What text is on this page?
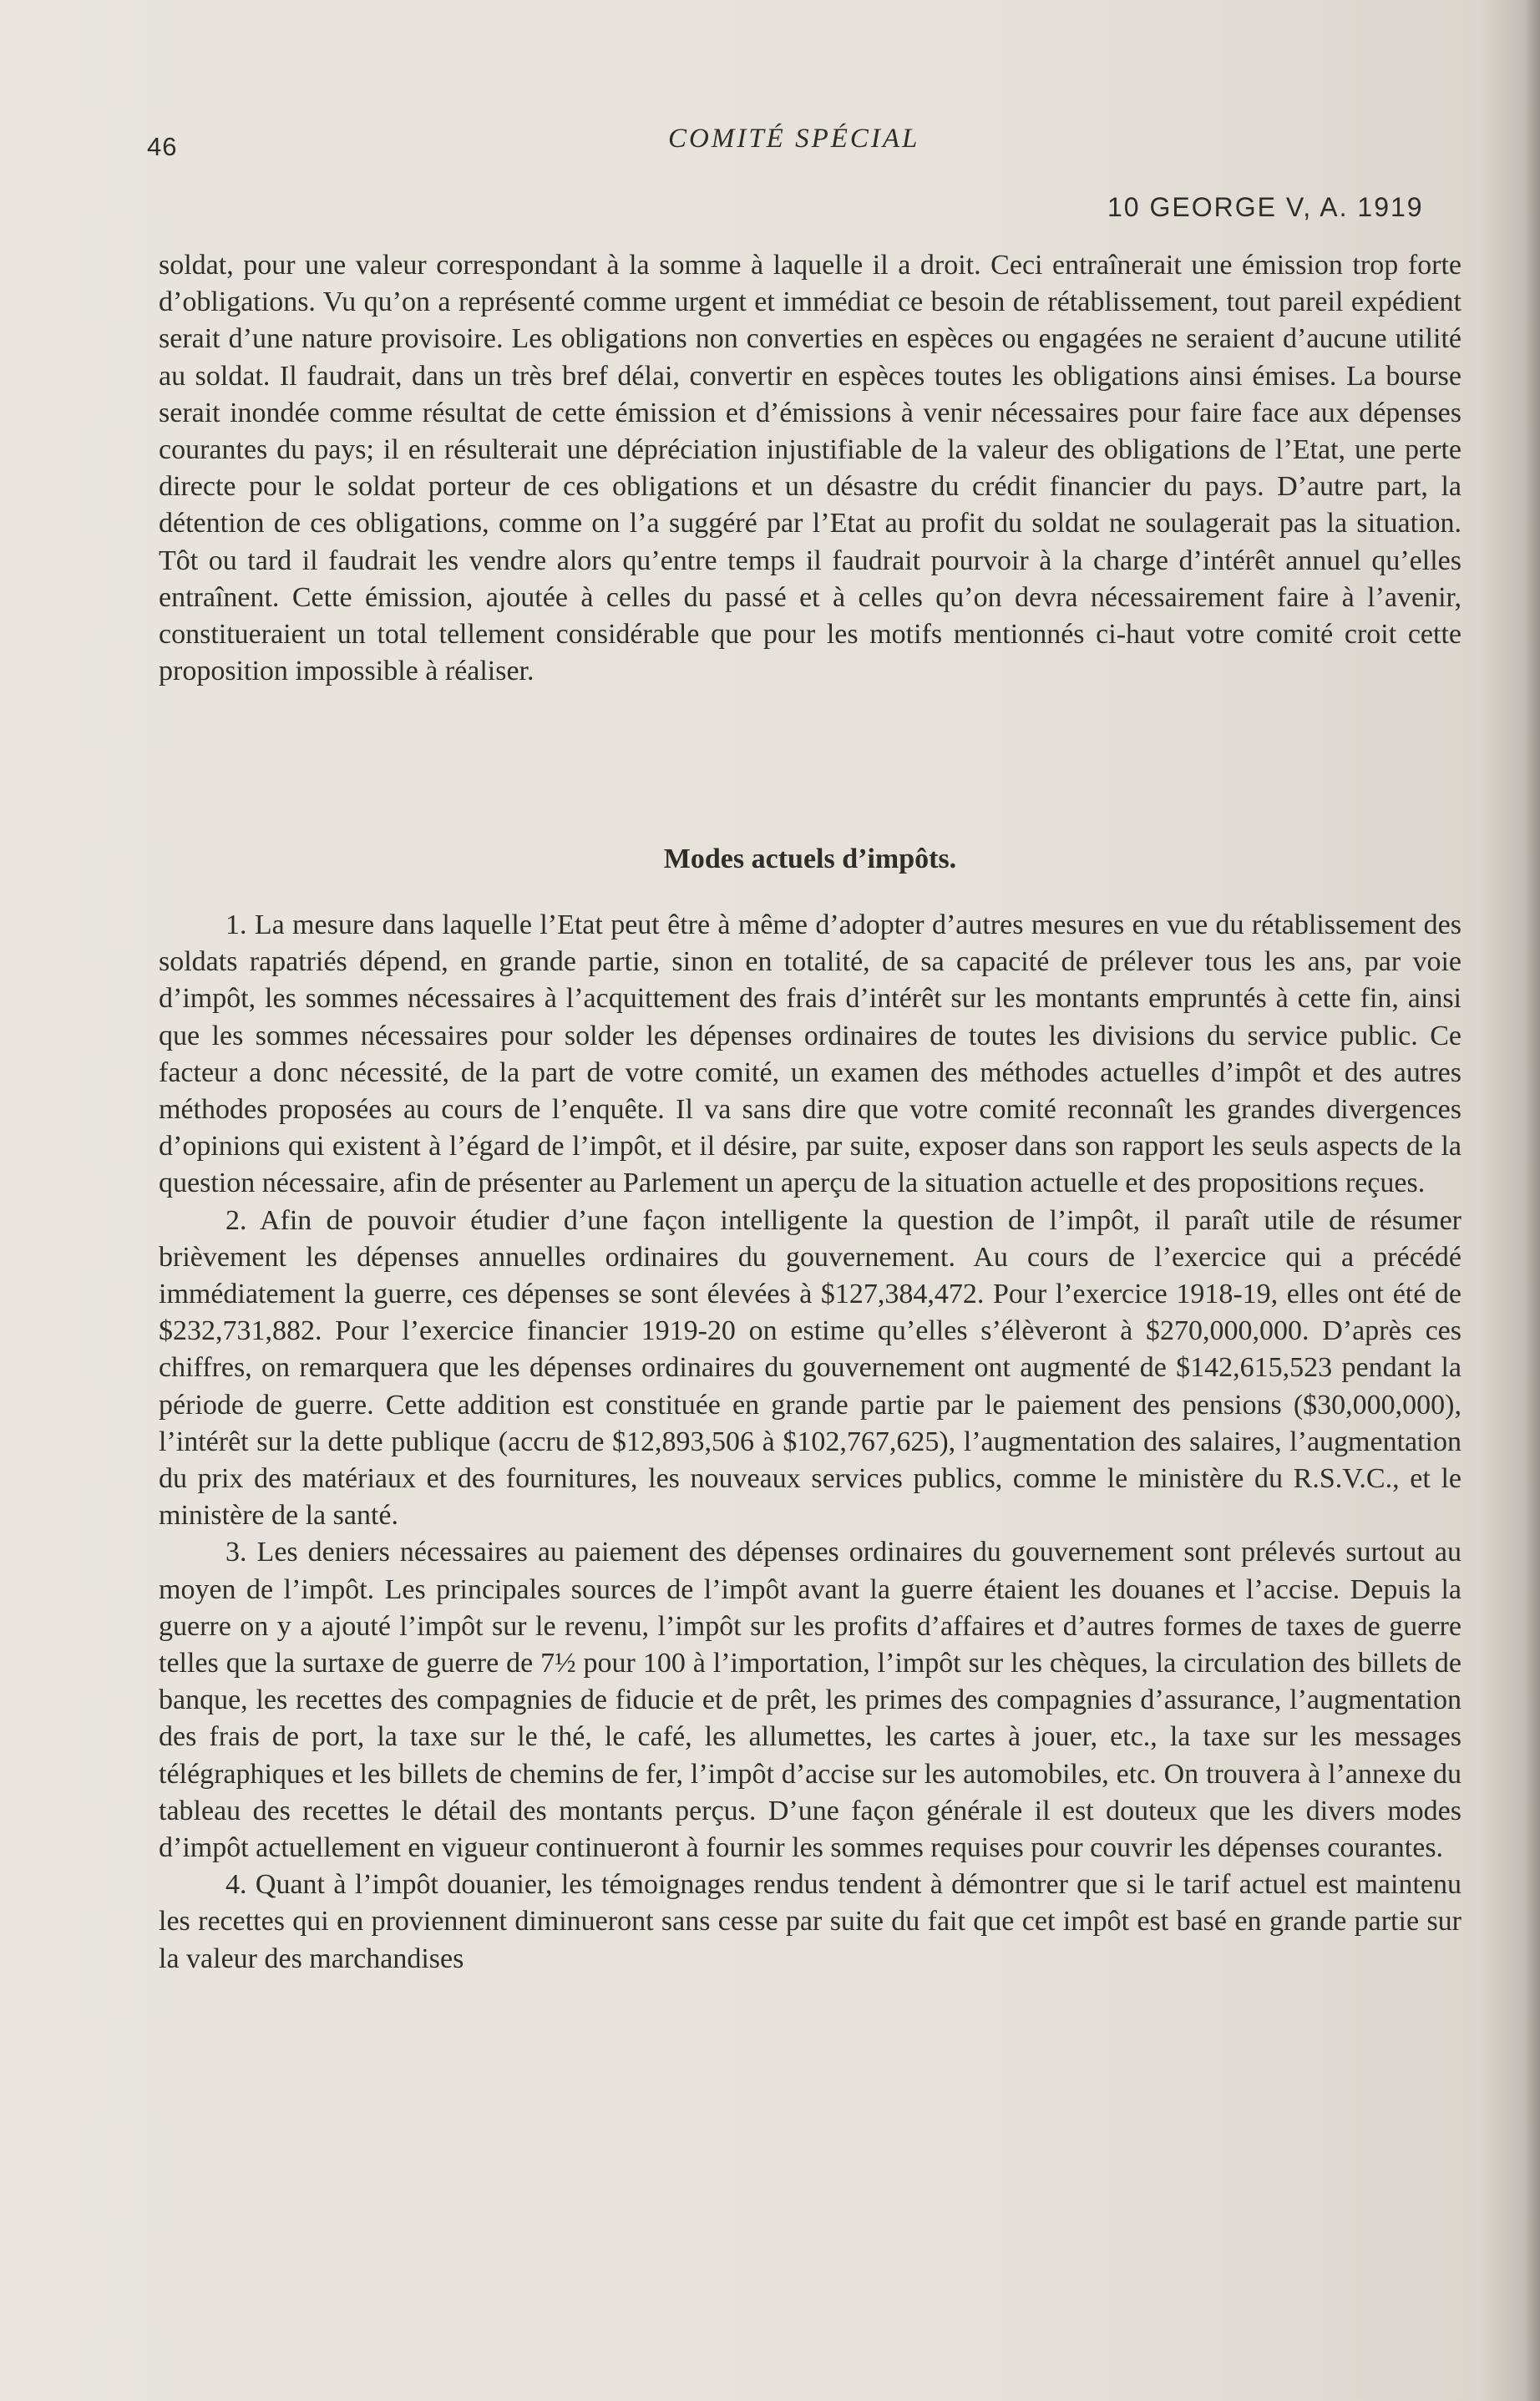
46	COMITÉ SPÉCIAL
10 GEORGE V, A. 1919

soldat, pour une valeur correspondant à la somme à laquelle il a droit. Ceci entraînerait une émission trop forte d’obligations. Vu qu’on a représenté comme urgent et immédiat ce besoin de rétablissement, tout pareil expédient serait d’une nature provisoire. Les obligations non converties en espèces ou engagées ne seraient d’aucune utilité au soldat. Il faudrait, dans un très bref délai, convertir en espèces toutes les obligations ainsi émises. La bourse serait inondée comme résultat de cette émission et d’émissions à venir nécessaires pour faire face aux dépenses courantes du pays; il en résulterait une dépréciation injustifiable de la valeur des obligations de l’Etat, une perte directe pour le soldat porteur de ces obligations et un désastre du crédit financier du pays. D’autre part, la détention de ces obligations, comme on l’a suggéré par l’Etat au profit du soldat ne soulagerait pas la situation. Tôt ou tard il faudrait les vendre alors qu’entre temps il faudrait pourvoir à la charge d’intérêt annuel qu’elles entraînent. Cette émission, ajoutée à celles du passé et à celles qu’on devra nécessairement faire à l’avenir, constitueraient un total tellement considérable que pour les motifs mentionnés ci-haut votre comité croit cette proposition impossible à réaliser.

Modes actuels d’impôts.

1. La mesure dans laquelle l’Etat peut être à même d’adopter d’autres mesures en vue du rétablissement des soldats rapatriés dépend, en grande partie, sinon en totalité, de sa capacité de prélever tous les ans, par voie d’impôt, les sommes nécessaires à l’acquittement des frais d’intérêt sur les montants empruntés à cette fin, ainsi que les sommes nécessaires pour solder les dépenses ordinaires de toutes les divisions du service public. Ce facteur a donc nécessité, de la part de votre comité, un examen des méthodes actuelles d’impôt et des autres méthodes proposées au cours de l’enquête. Il va sans dire que votre comité reconnaît les grandes divergences d’opinions qui existent à l’égard de l’impôt, et il désire, par suite, exposer dans son rapport les seuls aspects de la question nécessaire, afin de présenter au Parlement un aperçu de la situation actuelle et des propositions reçues.

2. Afin de pouvoir étudier d’une façon intelligente la question de l’impôt, il paraît utile de résumer brièvement les dépenses annuelles ordinaires du gouvernement. Au cours de l’exercice qui a précédé immédiatement la guerre, ces dépenses se sont élevées à $127,384,472. Pour l’exercice 1918-19, elles ont été de $232,731,882. Pour l’exercice financier 1919-20 on estime qu’elles s’élèveront à $270,000,000. D’après ces chiffres, on remarquera que les dépenses ordinaires du gouvernement ont augmenté de $142,615,523 pendant la période de guerre. Cette addition est constituée en grande partie par le paiement des pensions ($30,000,000), l’intérêt sur la dette publique (accru de $12,893,506 à $102,767,625), l’augmentation des salaires, l’augmentation du prix des matériaux et des fournitures, les nouveaux services publics, comme le ministère du R.S.V.C., et le ministère de la santé.

3. Les deniers nécessaires au paiement des dépenses ordinaires du gouvernement sont prélevés surtout au moyen de l’impôt. Les principales sources de l’impôt avant la guerre étaient les douanes et l’accise. Depuis la guerre on y a ajouté l’impôt sur le revenu, l’impôt sur les profits d’affaires et d’autres formes de taxes de guerre telles que la surtaxe de guerre de 7½ pour 100 à l’importation, l’impôt sur les chèques, la circulation des billets de banque, les recettes des compagnies de fiducie et de prêt, les primes des compagnies d’assurance, l’augmentation des frais de port, la taxe sur le thé, le café, les allumettes, les cartes à jouer, etc., la taxe sur les messages télégraphiques et les billets de chemins de fer, l’impôt d’accise sur les automobiles, etc. On trouvera à l’annexe du tableau des recettes le détail des montants perçus. D’une façon générale il est douteux que les divers modes d’impôt actuellement en vigueur continueront à fournir les sommes requises pour couvrir les dépenses courantes.

4. Quant à l’impôt douanier, les témoignages rendus tendent à démontrer que si le tarif actuel est maintenu les recettes qui en proviennent diminueront sans cesse par suite du fait que cet impôt est basé en grande partie sur la valeur des marchandises
